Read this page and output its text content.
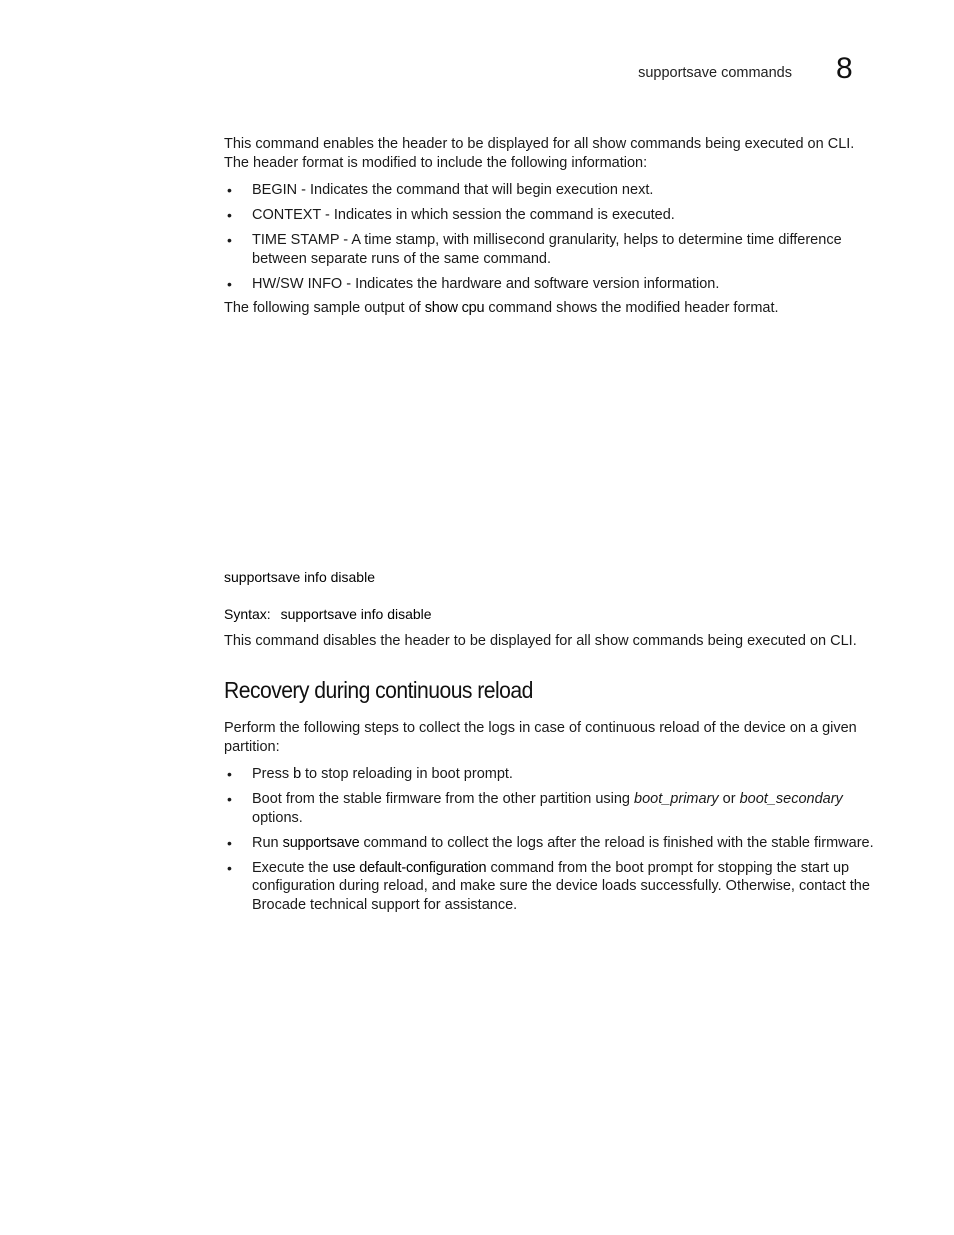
supportsave commands 8

This command enables the header to be displayed for all show commands being executed on CLI. The header format is modified to include the following information:

• BEGIN - Indicates the command that will begin execution next.
• CONTEXT - Indicates in which session the command is executed.
• TIME STAMP - A time stamp, with millisecond granularity, helps to determine time difference between separate runs of the same command.
• HW/SW INFO - Indicates the hardware and software version information.

The following sample output of show cpu command shows the modified header format.

supportsave info disable
Syntax: supportsave info disable
This command disables the header to be displayed for all show commands being executed on CLI.
Recovery during continuous reload

Perform the following steps to collect the logs in case of continuous reload of the device on a given partition:

• Press b to stop reloading in boot prompt.
• Boot from the stable firmware from the other partition using boot_primary or boot_secondary options.
• Run supportsave command to collect the logs after the reload is finished with the stable firmware.
• Execute the use default-configuration command from the boot prompt for stopping the start up configuration during reload, and make sure the device loads successfully. Otherwise, contact the Brocade technical support for assistance.
